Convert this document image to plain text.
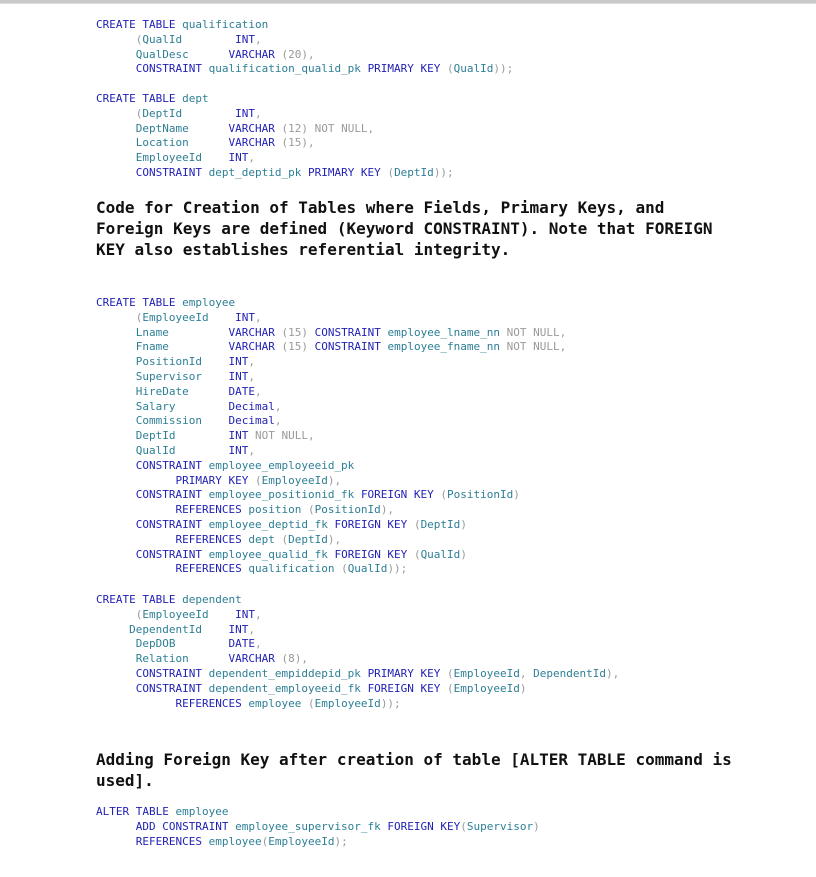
CREATE TABLE qualification
(QualId	INT,
QualDesc	VARCHAR (20),
CONSTRAINT qualification_qualid_pk PRIMARY KEY (QualId));
CREATE TABLE dept
(DeptId	INT,
DeptName	VARCHAR (12) NOT NULL,
Location	VARCHAR (15),
EmployeeId INT,
CONSTRAINT dept_deptid_pk PRIMARY KEY (DeptId));
Code for Creation of Tables where Fields, Primary Keys, and Foreign Keys are defined (Keyword CONSTRAINT). Note that FOREIGN KEY also establishes referential integrity.
CREATE TABLE employee
(EmployeeId INT,
Lname	VARCHAR (15) CONSTRAINT employee_lname_nn NOT NULL,
Fname	VARCHAR (15) CONSTRAINT employee_fname_nn NOT NULL,
PositionId INT,
Supervisor INT,
HireDate	DATE,
Salary	Decimal,
Commission Decimal,
DeptId	INT NOT NULL,
QualId	INT,
CONSTRAINT employee_employeeid_pk
PRIMARY KEY (EmployeeId),
CONSTRAINT employee_positionid_fk FOREIGN KEY (PositionId)
REFERENCES position (PositionId),
CONSTRAINT employee_deptid_fk FOREIGN KEY (DeptId)
REFERENCES dept (DeptId),
CONSTRAINT employee_qualid_fk FOREIGN KEY (QualId)
REFERENCES qualification (QualId));
CREATE TABLE dependent
(EmployeeId INT,
DependentId INT,
DepDOB	DATE,
Relation	VARCHAR (8),
CONSTRAINT dependent_empiddepid_pk PRIMARY KEY (EmployeeId, DependentId),
CONSTRAINT dependent_employeeid_fk FOREIGN KEY (EmployeeId)
REFERENCES employee (EmployeeId));
Adding Foreign Key after creation of table [ALTER TABLE command is used].
ALTER TABLE employee
ADD CONSTRAINT employee_supervisor_fk FOREIGN KEY(Supervisor)
REFERENCES employee(EmployeeId);
